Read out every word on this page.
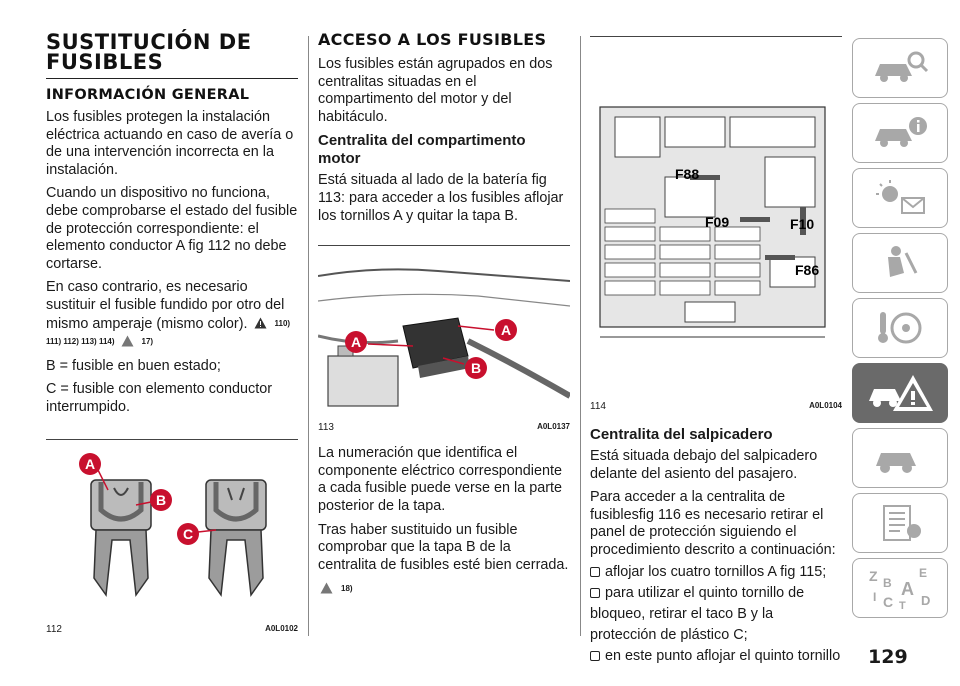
SUSTITUCIÓN DE FUSIBLES
INFORMACIÓN GENERAL

Los fusibles protegen la instalación eléctrica actuando en caso de avería o de una intervención incorrecta en la instalación.

Cuando un dispositivo no funciona, debe comprobarse el estado del fusible de protección correspondiente: el elemento conductor A fig 112 no debe cortarse.

En caso contrario, es necesario sustituir el fusible fundido por otro del mismo amperaje (mismo color).	$^{110) 111) 112) 113) 114)}$	$^{17)}$

B = fusible en buen estado;

C = fusible con elemento conductor interrumpido.

A
B
C
112	A0L0102
ACCESO A LOS FUSIBLES

Los fusibles están agrupados en dos centralitas situadas en el compartimento del motor y del habitáculo.

Centralita del compartimento motor

Está situada al lado de la batería fig 113: para acceder a los fusibles aflojar los tornillos A y quitar la tapa B.

A
A
B
113	A0L0137

La numeración que identifica el componente eléctrico correspondiente a cada fusible puede verse en la parte posterior de la tapa.

Tras haber sustituido un fusible comprobar que la tapa B de la centralita de fusibles esté bien cerrada.

$^{18)}$

F88
F09	F10
F86
114	A0L0104
Centralita del salpicadero

Está situada debajo del salpicadero delante del asiento del pasajero.

Para acceder a la centralita de fusiblesfig 116 es necesario retirar el panel de protección siguiendo el procedimiento descrito a continuación:

aflojar los cuatro tornillos A fig 115;
para utilizar el quinto tornillo de bloqueo, retirar el taco B y la protección de plástico C;
en este punto aflojar el quinto tornillo
Z	E
B A
I C T D
129
